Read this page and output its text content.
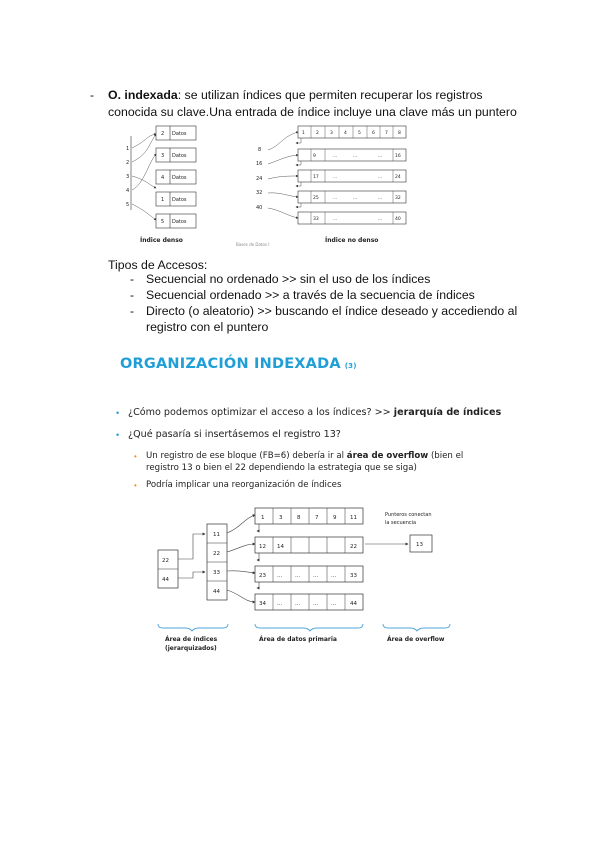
- O. indexada: se utilizan índices que permiten recuperar los registros
conocida su clave.Una entrada de índice incluye una clave más un puntero
1
2
3
4
5
2 Datos
3 Datos
4 Datos
1 Datos
5 Datos
Índice denso
Bases de Datos I
8
16
24
32
40
1 2 3 4 5 6 7 8
9	...	...	...	16
17	...	...	24
25	...	...	...	32
33	...	...	40
Índice no denso
Tipos de Accesos:
- Secuencial no ordenado >> sin el uso de los índices
- Secuencial ordenado >> a través de la secuencia de índices
- Directo (o aleatorio) >> buscando el índice deseado y accediendo al
registro con el puntero
ORGANIZACIÓN INDEXADA (3)
• ¿Cómo podemos optimizar el acceso a los índices? >> jerarquía de índices
• ¿Qué pasaría si insertásemos el registro 13?
• Un registro de ese bloque (FB=6) debería ir al área de overflow (bien el
registro 13 o bien el 22 dependiendo la estrategia que se siga)
• Podría implicar una reorganización de índices
22
44
11
22
33
44
1	3	8	7	9 11
12 14	22
23 ... ... ... ...	33
34 ... ... ... ...	44
Punteros conectan
la secuencia
13
Área de índices
(jerarquizados)
Área de datos primaria	Área de overflow
